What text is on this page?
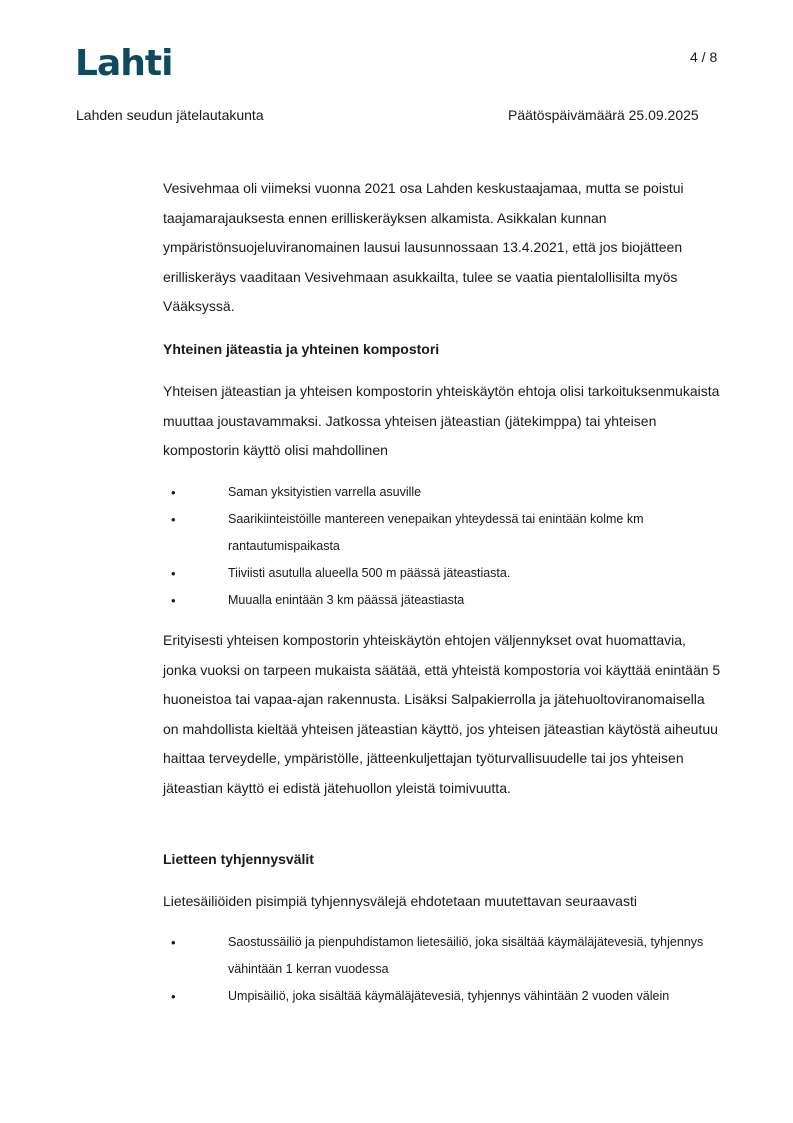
Lahti	4 / 8
Lahden seudun jätelautakunta	Päätöspäivämäärä 25.09.2025
Vesivehmaa oli viimeksi vuonna 2021 osa Lahden keskustaajamaa, mutta se poistui taajamarajauksesta ennen erilliskeräyksen alkamista. Asikkalan kunnan ympäristönsuojeluviranomainen lausui lausunnossaan 13.4.2021, että jos biojätteen erilliskeräys vaaditaan Vesivehmaan asukkailta, tulee se vaatia pientalollisilta myös Vääksyssä.
Yhteinen jäteastia ja yhteinen kompostori
Yhteisen jäteastian ja yhteisen kompostorin yhteiskäytön ehtoja olisi tarkoituksenmukaista muuttaa joustavammaksi. Jatkossa yhteisen jäteastian (jätekimppa) tai yhteisen kompostorin käyttö olisi mahdollinen
• Saman yksityistien varrella asuville
• Saarikiinteistöille mantereen venepaikan yhteydessä tai enintään kolme km rantautumispaikasta
• Tiiviisti asutulla alueella 500 m päässä jäteastiasta.
• Muualla enintään 3 km päässä jäteastiasta
Erityisesti yhteisen kompostorin yhteiskäytön ehtojen väljennykset ovat huomattavia, jonka vuoksi on tarpeen mukaista säätää, että yhteistä kompostoria voi käyttää enintään 5 huoneistoa tai vapaa-ajan rakennusta. Lisäksi Salpakierrolla ja jätehuoltoviranomaisella on mahdollista kieltää yhteisen jäteastian käyttö, jos yhteisen jäteastian käytöstä aiheutuu haittaa terveydelle, ympäristölle, jätteenkuljettajan työturvallisuudelle tai jos yhteisen jäteastian käyttö ei edistä jätehuollon yleistä toimivuutta.
Lietteen tyhjennysvälit
Lietesäiliöiden pisimpiä tyhjennysvälejä ehdotetaan muutettavan seuraavasti
• Saostussäiliö ja pienpuhdistamon lietesäiliö, joka sisältää käymäläjätevesiä, tyhjennys vähintään 1 kerran vuodessa
• Umpisäiliö, joka sisältää käymäläjätevesiä, tyhjennys vähintään 2 vuoden välein
